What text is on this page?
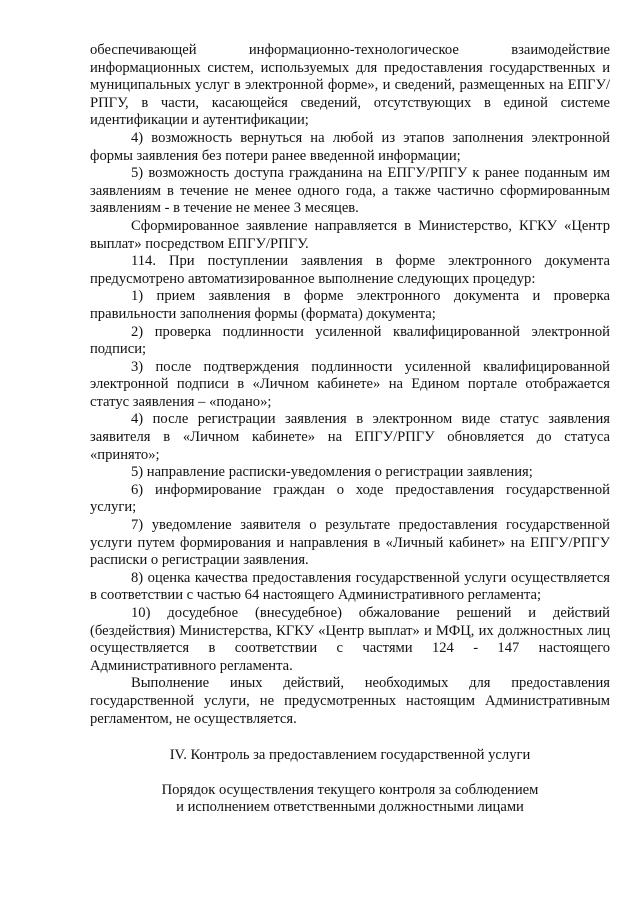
обеспечивающей информационно-технологическое взаимодействие информационных систем, используемых для предоставления государственных и муниципальных услуг в электронной форме», и сведений, размещенных на ЕПГУ/РПГУ, в части, касающейся сведений, отсутствующих в единой системе идентификации и аутентификации;

4) возможность вернуться на любой из этапов заполнения электронной формы заявления без потери ранее введенной информации;

5) возможность доступа гражданина на ЕПГУ/РПГУ к ранее поданным им заявлениям в течение не менее одного года, а также частично сформированным заявлениям - в течение не менее 3 месяцев.

Сформированное заявление направляется в Министерство, КГКУ «Центр выплат» посредством ЕПГУ/РПГУ.

114. При поступлении заявления в форме электронного документа предусмотрено автоматизированное выполнение следующих процедур:

1) прием заявления в форме электронного документа и проверка правильности заполнения формы (формата) документа;

2) проверка подлинности усиленной квалифицированной электронной подписи;

3) после подтверждения подлинности усиленной квалифицированной электронной подписи в «Личном кабинете» на Едином портале отображается статус заявления – «подано»;

4) после регистрации заявления в электронном виде статус заявления заявителя в «Личном кабинете» на ЕПГУ/РПГУ обновляется до статуса «принято»;

5) направление расписки-уведомления о регистрации заявления;

6) информирование граждан о ходе предоставления государственной услуги;

7) уведомление заявителя о результате предоставления государственной услуги путем формирования и направления в «Личный кабинет» на ЕПГУ/РПГУ расписки о регистрации заявления.

8) оценка качества предоставления государственной услуги осуществляется в соответствии с частью 64 настоящего Административного регламента;

10) досудебное (внесудебное) обжалование решений и действий (бездействия) Министерства, КГКУ «Центр выплат» и МФЦ, их должностных лиц осуществляется в соответствии с частями 124 - 147 настоящего Административного регламента.

Выполнение иных действий, необходимых для предоставления государственной услуги, не предусмотренных настоящим Административным регламентом, не осуществляется.

IV. Контроль за предоставлением государственной услуги

Порядок осуществления текущего контроля за соблюдением
и исполнением ответственными должностными лицами
